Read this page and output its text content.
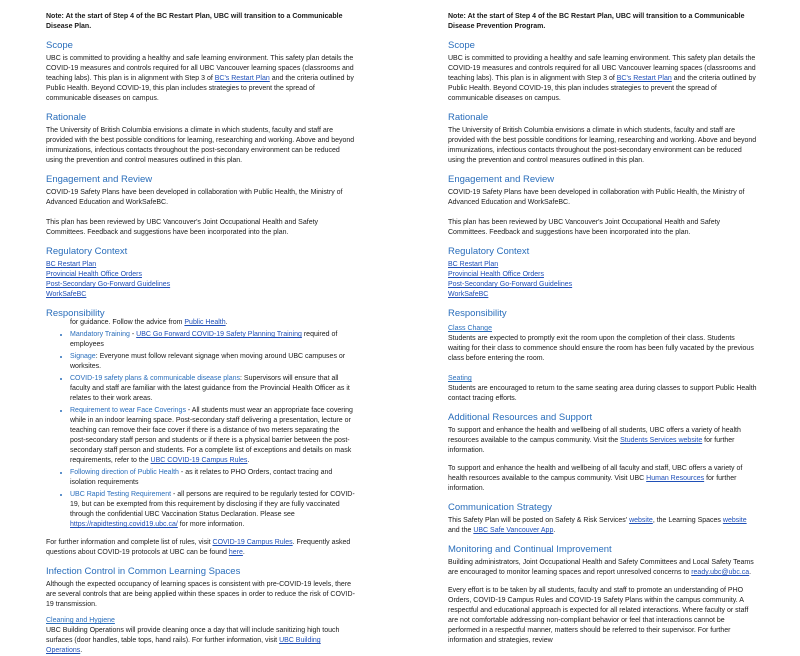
Note: At the start of Step 4 of the BC Restart Plan, UBC will transition to a Communicable Disease Plan.
Scope

UBC is committed to providing a healthy and safe learning environment. This safety plan details the COVID-19 measures and controls required for all UBC Vancouver learning spaces (classrooms and teaching labs). This plan is in alignment with Step 3 of BC's Restart Plan and the criteria outlined by Public Health. Beyond COVID-19, this plan includes strategies to prevent the spread of communicable diseases on campus.

Rationale

The University of British Columbia envisions a climate in which students, faculty and staff are provided with the best possible conditions for learning, researching and working. Above and beyond immunizations, infectious contacts throughout the post-secondary environment can be reduced using the prevention and control measures outlined in this plan.

Engagement and Review

COVID-19 Safety Plans have been developed in collaboration with Public Health, the Ministry of Advanced Education and WorkSafeBC.

This plan has been reviewed by UBC Vancouver's Joint Occupational Health and Safety Committees. Feedback and suggestions have been incorporated into the plan.

Regulatory Context
BC Restart Plan
Provincial Health Office Orders
Post-Secondary Go-Forward Guidelines
WorkSafeBC
Responsibility
for guidance. Follow the advice from Public Health.
• Mandatory Training - UBC Go Forward COVID-19 Safety Planning Training required of employees
• Signage: Everyone must follow relevant signage when moving around UBC campuses or worksites.
• COVID-19 safety plans & communicable disease plans: Supervisors will ensure that all faculty and staff are familiar with the latest guidance from the Provincial Health Officer as it relates to their work areas.
• Requirement to wear Face Coverings - All students must wear an appropriate face covering while in an indoor learning space. Post-secondary staff delivering a presentation, lecture or teaching can remove their face cover if there is a distance of two meters separating the post-secondary staff person and students or if there is a physical barrier between the post-secondary staff person and students. For a complete list of exceptions and details on mask requirements, refer to the UBC COVID-19 Campus Rules.
• Following direction of Public Health - as it relates to PHO Orders, contact tracing and isolation requirements
• UBC Rapid Testing Requirement - all persons are required to be regularly tested for COVID-19, but can be exempted from this requirement by disclosing if they are fully vaccinated through the confidential UBC Vaccination Status Declaration. Please see https://rapidtesting.covid19.ubc.ca/ for more information.

For further information and complete list of rules, visit COVID-19 Campus Rules. Frequently asked questions about COVID-19 protocols at UBC can be found here.

Infection Control in Common Learning Spaces

Although the expected occupancy of learning spaces is consistent with pre-COVID-19 levels, there are several controls that are being applied within these spaces in order to reduce the risk of COVID-19 transmission.

Cleaning and Hygiene

UBC Building Operations will provide cleaning once a day that will include sanitizing high touch surfaces (door handles, table tops, hand rails). For further information, visit UBC Building Operations.

Note: At the start of Step 4 of the BC Restart Plan, UBC will transition to a Communicable Disease Prevention Program.
Scope

UBC is committed to providing a healthy and safe learning environment. This safety plan details the COVID-19 measures and controls required for all UBC Vancouver learning spaces (classrooms and teaching labs). This plan is in alignment with Step 3 of BC's Restart Plan and the criteria outlined by Public Health. Beyond COVID-19, this plan includes strategies to prevent the spread of communicable diseases on campus.

Rationale

The University of British Columbia envisions a climate in which students, faculty and staff are provided with the best possible conditions for learning, researching and working. Above and beyond immunizations, infectious contacts throughout the post-secondary environment can be reduced using the prevention and control measures outlined in this plan.

Engagement and Review

COVID-19 Safety Plans have been developed in collaboration with Public Health, the Ministry of Advanced Education and WorkSafeBC.

This plan has been reviewed by UBC Vancouver's Joint Occupational Health and Safety Committees. Feedback and suggestions have been incorporated into the plan.

Regulatory Context
BC Restart Plan
Provincial Health Office Orders
Post-Secondary Go-Forward Guidelines
WorkSafeBC
Responsibility
Class Change

Students are expected to promptly exit the room upon the completion of their class. Students waiting for their class to commence should ensure the room has been fully vacated by the previous class before entering the room.

Seating

Students are encouraged to return to the same seating area during classes to support Public Health contact tracing efforts.

Additional Resources and Support

To support and enhance the health and wellbeing of all students, UBC offers a variety of health resources available to the campus community. Visit the Students Services website for further information.

To support and enhance the health and wellbeing of all faculty and staff, UBC offers a variety of health resources available to the campus community. Visit UBC Human Resources for further information.

Communication Strategy

This Safety Plan will be posted on Safety & Risk Services' website, the Learning Spaces website and the UBC Safe Vancouver App.

Monitoring and Continual Improvement

Building administrators, Joint Occupational Health and Safety Committees and Local Safety Teams are encouraged to monitor learning spaces and report unresolved concerns to ready.ubc@ubc.ca.

Every effort is to be taken by all students, faculty and staff to promote an understanding of PHO Orders, COVID-19 Campus Rules and COVID-19 Safety Plans within the campus community. A respectful and educational approach is expected for all related interactions. Where faculty or staff are not comfortable addressing non-compliant behavior or feel that interactions cannot be performed in a respectful manner, matters should be referred to their supervisor. For further information and strategies, review
